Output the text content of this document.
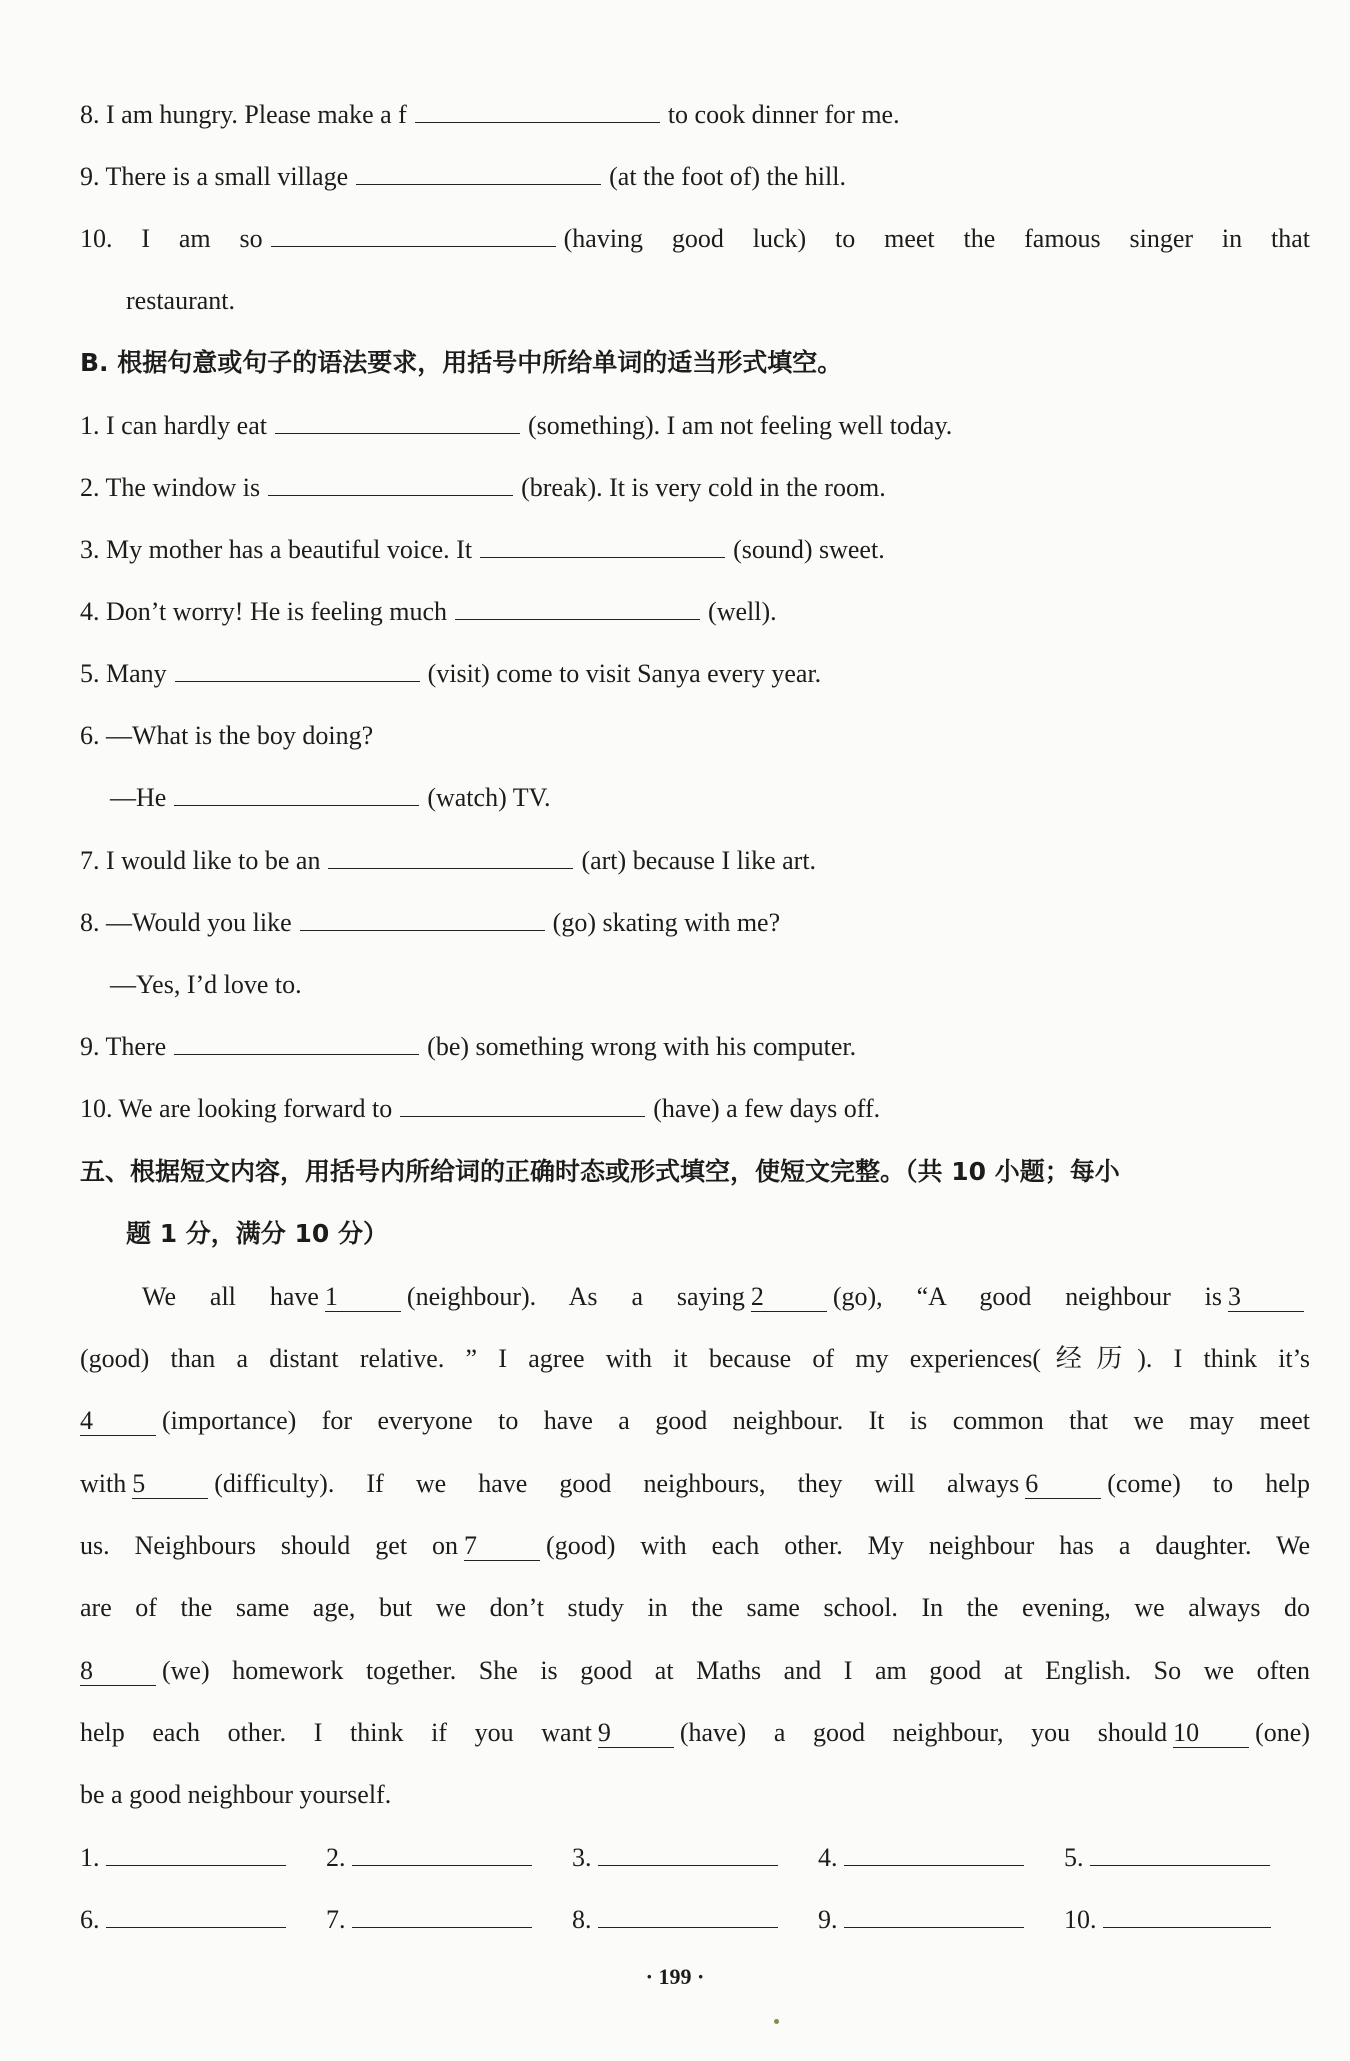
8. I am hungry. Please make a f	to cook dinner for me.
9. There is a small village	(at the foot of) the hill.
10. I am so	(having good luck) to meet the famous singer in that
restaurant.
B. 根据句意或句子的语法要求，用括号中所给单词的适当形式填空。
1. I can hardly eat	(something). I am not feeling well today.
2. The window is	(break). It is very cold in the room.
3. My mother has a beautiful voice. It	(sound) sweet.
4. Don’t worry! He is feeling much	(well).
5. Many	(visit) come to visit Sanya every year.
6. —What is the boy doing?
—He	(watch) TV.
7. I would like to be an	(art) because I like art.
8. —Would you like	(go) skating with me?
—Yes, I’d love to.
9. There	(be) something wrong with his computer.
10. We are looking forward to	(have) a few days off.
五、根据短文内容，用括号内所给词的正确时态或形式填空，使短文完整。（共 10 小题；每小
题 1 分，满分 10 分）
We all have 1	(neighbour). As a saying 2	(go), “A good neighbour is 3
(good) than a distant relative. ” I agree with it because of my experiences(经历). I think it’s
4	(importance) for everyone to have a good neighbour. It is common that we may meet
with 5	(difficulty). If we have good neighbours, they will always 6	(come) to help
us. Neighbours should get on 7	(good) with each other. My neighbour has a daughter. We
are of the same age, but we don’t study in the same school. In the evening, we always do
8	(we) homework together. She is good at Maths and I am good at English. So we often
help each other. I think if you want 9	(have) a good neighbour, you should 10 (one)
be a good neighbour yourself.
1.	2.	3.	4.	5.
6.	7.	8.	9.	10.
· 199 ·
